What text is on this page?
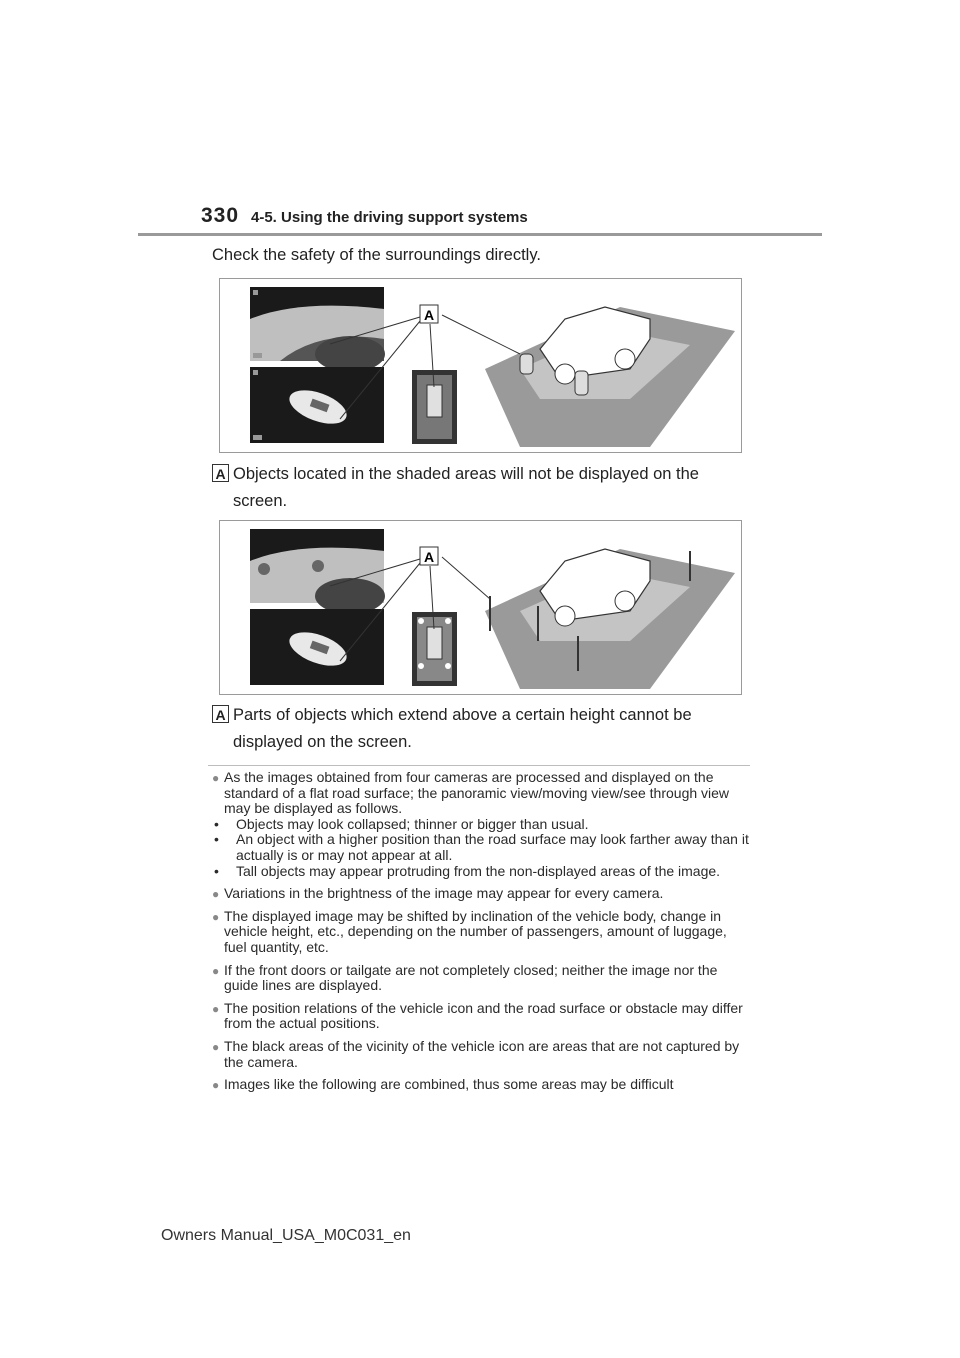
330 4-5. Using the driving support systems
Check the safety of the surroundings directly.
A
A Objects located in the shaded areas will not be displayed on the
screen.
A
A Parts of objects which extend above a certain height cannot be
displayed on the screen.
● As the images obtained from four cameras are processed and displayed on the standard of a flat road surface; the panoramic view/moving view/see through view may be displayed as follows.
•	Objects may look collapsed; thinner or bigger than usual.
•	An object with a higher position than the road surface may look farther away than it actually is or may not appear at all.
•	Tall objects may appear protruding from the non-displayed areas of the image.
● Variations in the brightness of the image may appear for every camera.
● The displayed image may be shifted by inclination of the vehicle body, change in vehicle height, etc., depending on the number of passengers, amount of luggage, fuel quantity, etc.
● If the front doors or tailgate are not completely closed; neither the image nor the guide lines are displayed.
● The position relations of the vehicle icon and the road surface or obstacle may differ from the actual positions.
● The black areas of the vicinity of the vehicle icon are areas that are not captured by the camera.
● Images like the following are combined, thus some areas may be difficult
Owners Manual_USA_M0C031_en
